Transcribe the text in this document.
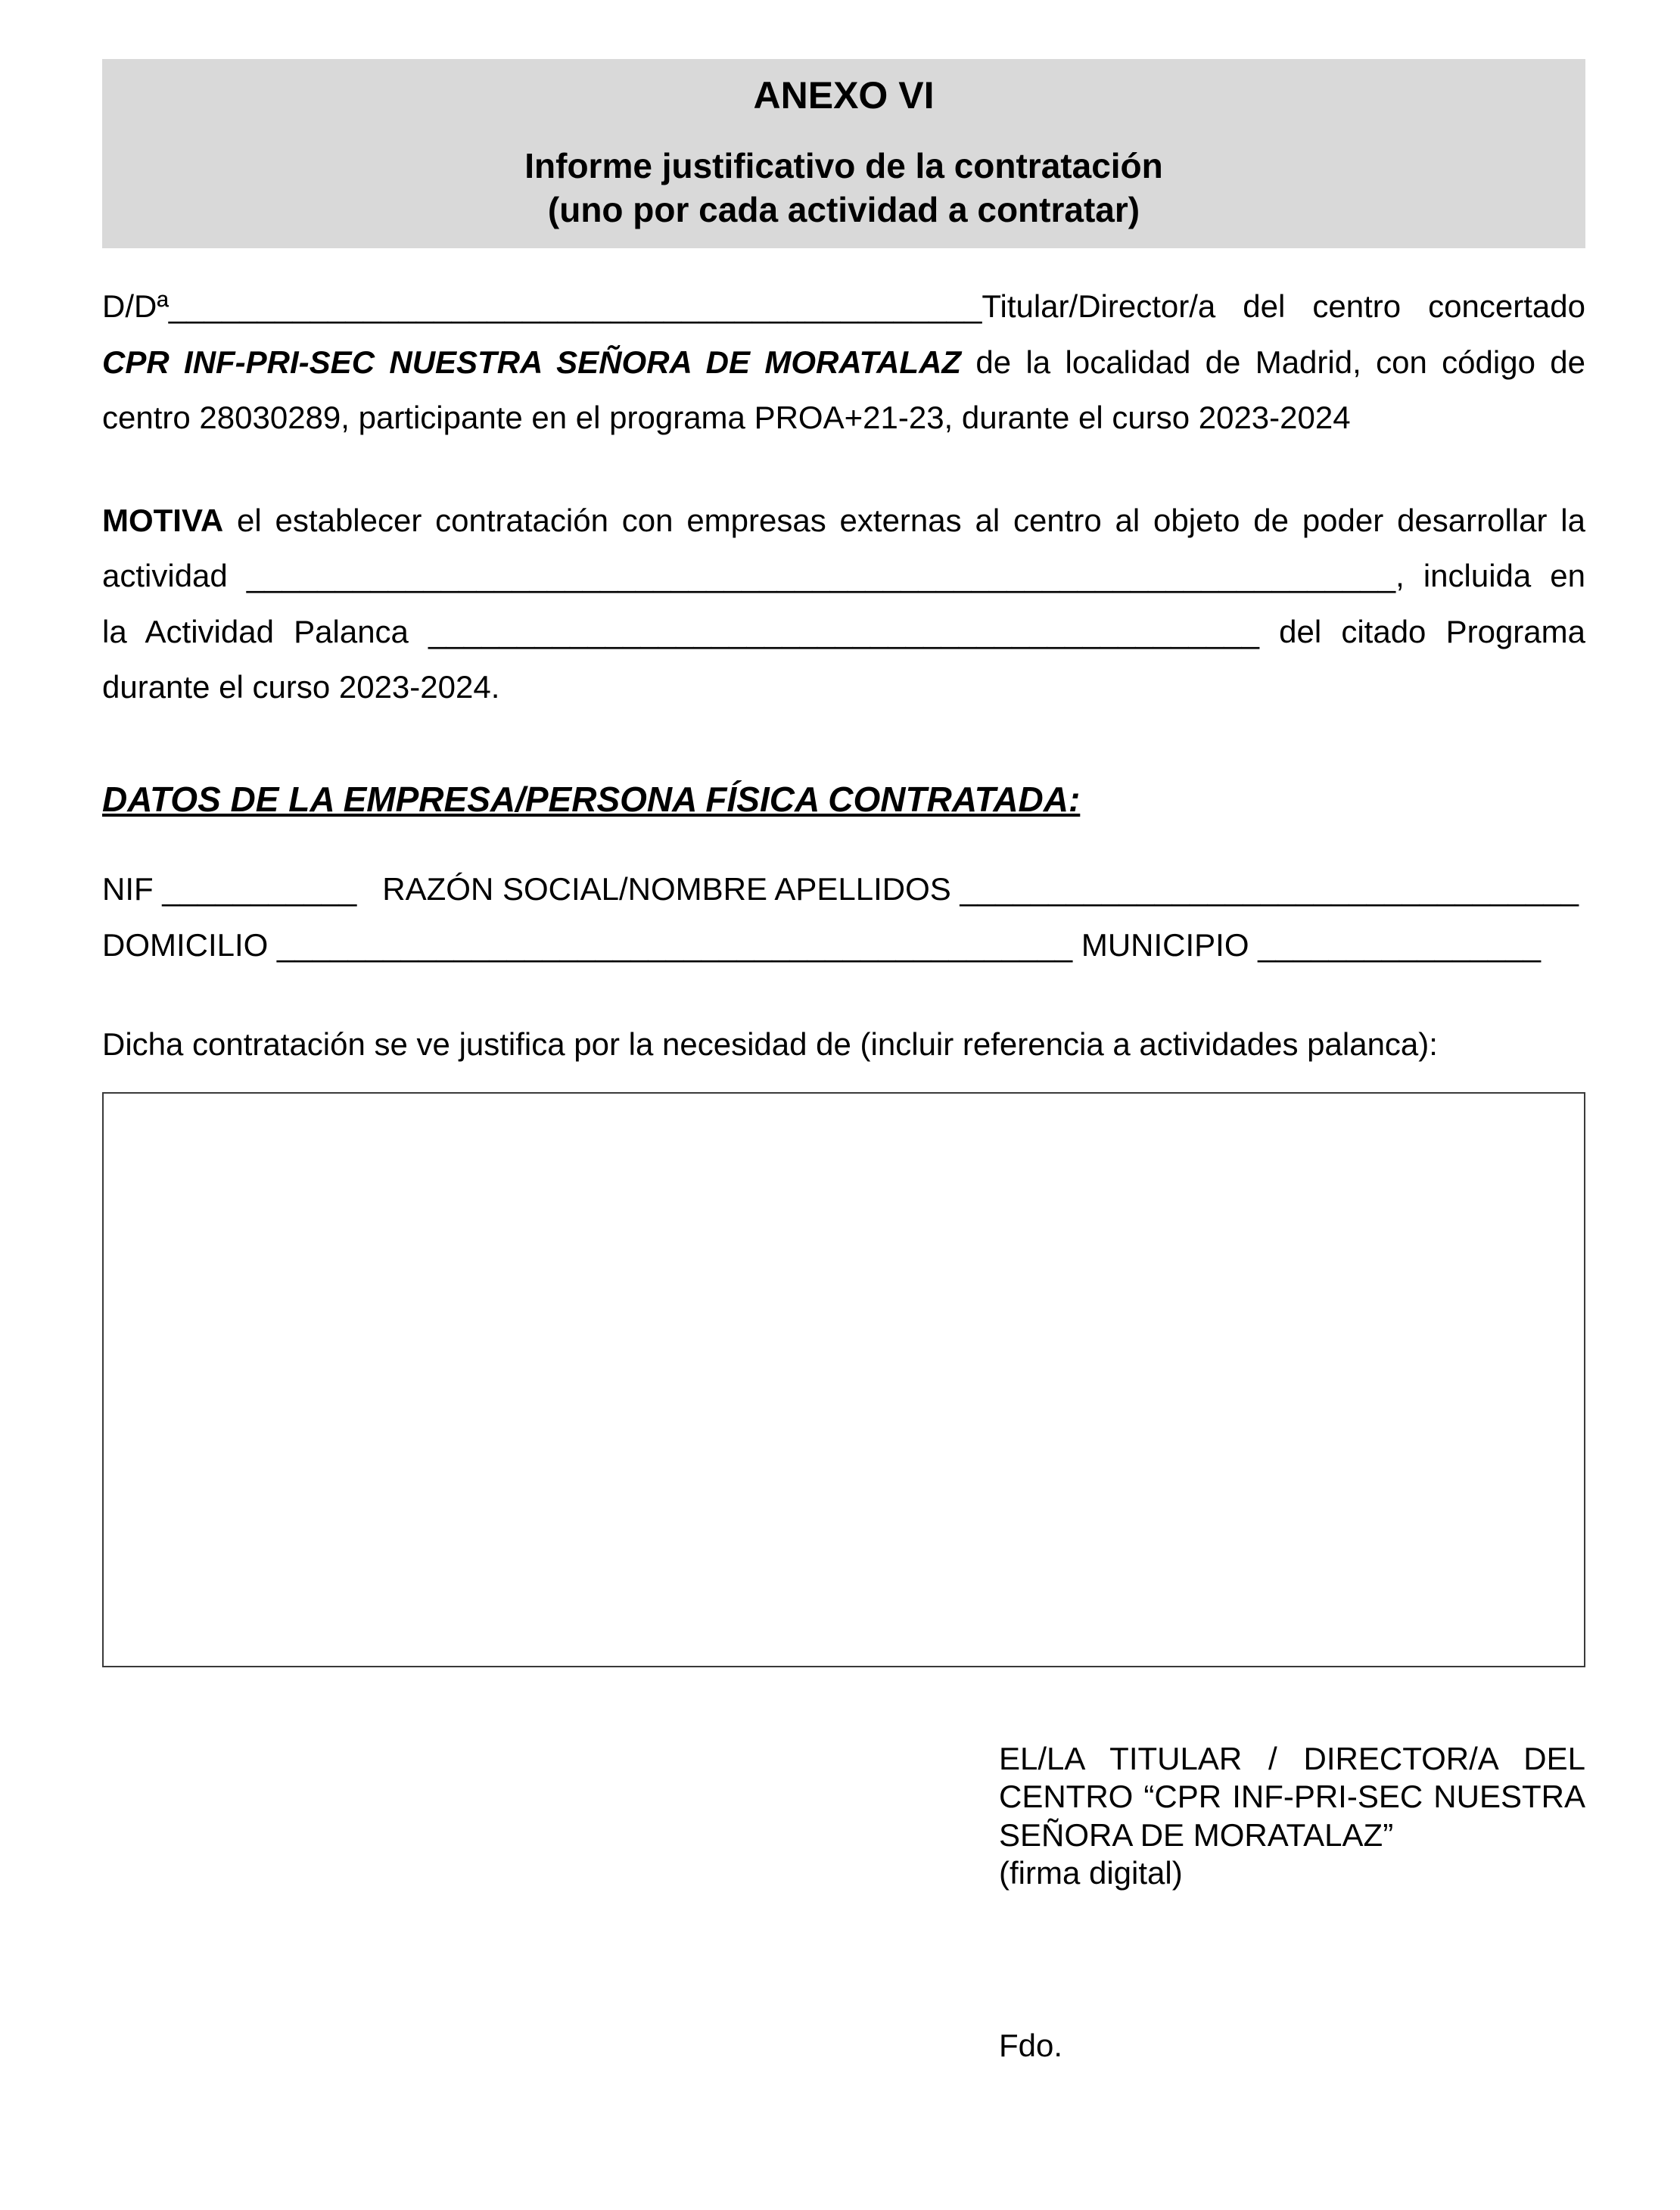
ANEXO VI
Informe justificativo de la contratación
(uno por cada actividad a contratar)

D/Dª______________________________________________Titular/Director/a del centro concertado CPR INF-PRI-SEC NUESTRA SEÑORA DE MORATALAZ de la localidad de Madrid, con código de centro 28030289, participante en el programa PROA+21-23, durante el curso 2023-2024

MOTIVA el establecer contratación con empresas externas al centro al objeto de poder desarrollar la actividad _________________________________________________________________, incluida en la Actividad Palanca _______________________________________________ del citado Programa durante el curso 2023-2024.

DATOS DE LA EMPRESA/PERSONA FÍSICA CONTRATADA:

NIF ___________ RAZÓN SOCIAL/NOMBRE APELLIDOS ___________________________________

DOMICILIO _____________________________________________ MUNICIPIO ________________

Dicha contratación se ve justifica por la necesidad de (incluir referencia a actividades palanca):

EL/LA TITULAR / DIRECTOR/A DEL CENTRO “CPR INF-PRI-SEC NUESTRA SEÑORA DE MORATALAZ”

(firma digital)

Fdo.
